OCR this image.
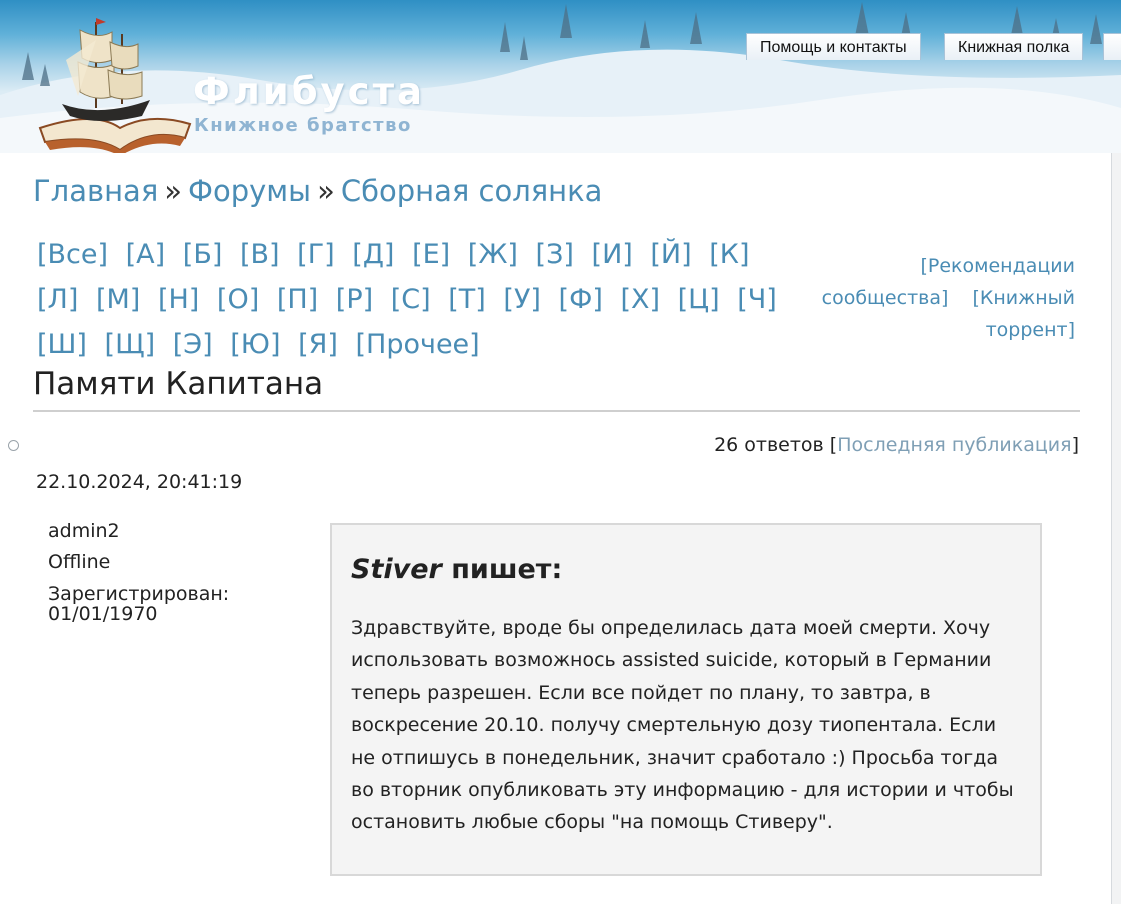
Флибуста
Книжное братство
Помощь и контакты	Книжная полка
Главная » Форумы » Сборная солянка
[Все] [А] [Б] [В] [Г] [Д] [Е] [Ж] [З] [И] [Й] [К] [Л] [М] [Н] [О] [П] [Р] [С] [Т] [У] [Ф] [Х] [Ц] [Ч] [Ш] [Щ] [Э] [Ю] [Я] [Прочее]
[Рекомендации сообщества] [Книжный торрент]
Памяти Капитана
26 ответов [Последняя публикация]
22.10.2024, 20:41:19
admin2
Offline
Зарегистрирован:
01/01/1970
Stiver пишет:
Здравствуйте, вроде бы определилась дата моей смерти. Хочу использовать возможнось assisted suicide, который в Германии теперь разрешен. Если все пойдет по плану, то завтра, в воскресение 20.10. получу смертельную дозу тиопентала. Если не отпишусь в понедельник, значит сработало :) Просьба тогда во вторник опубликовать эту информацию - для истории и чтобы остановить любые сборы "на помощь Стиверу".
